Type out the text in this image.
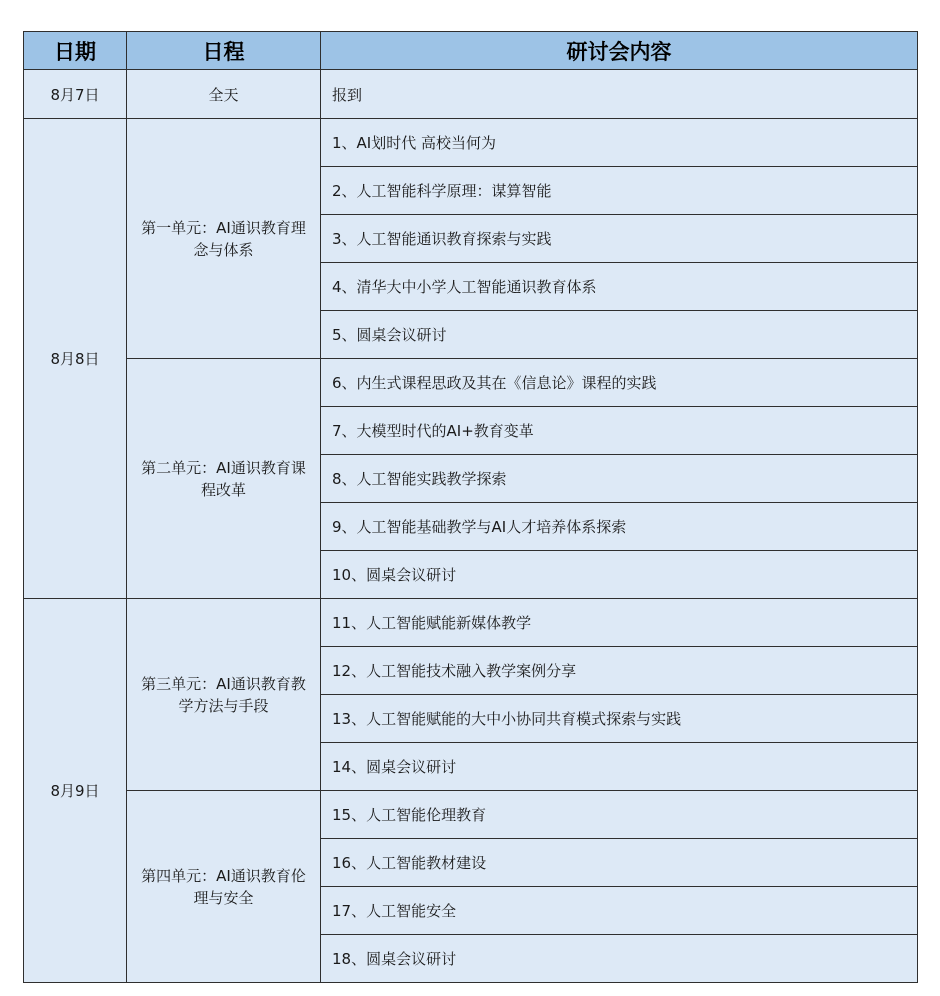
日期	日程	研讨会内容
8月7日	全天	报到
8月8日	第一单元：AI通识教育理念与体系	1、AI划时代 高校当何为
		2、人工智能科学原理：谋算智能
		3、人工智能通识教育探索与实践
		4、清华大中小学人工智能通识教育体系
		5、圆桌会议研讨

	第二单元：AI通识教育课程改革	6、内生式课程思政及其在《信息论》课程的实践
		7、大模型时代的AI+教育变革
		8、人工智能实践教学探索
		9、人工智能基础教学与AI人才培养体系探索
		10、圆桌会议研讨
8月9日	第三单元：AI通识教育教学方法与手段	11、人工智能赋能新媒体教学
		12、人工智能技术融入教学案例分享
		13、人工智能赋能的大中小协同共育模式探索与实践
		14、圆桌会议研讨

	第四单元：AI通识教育伦理与安全	15、人工智能伦理教育
		16、人工智能教材建设
		17、人工智能安全
		18、圆桌会议研讨
